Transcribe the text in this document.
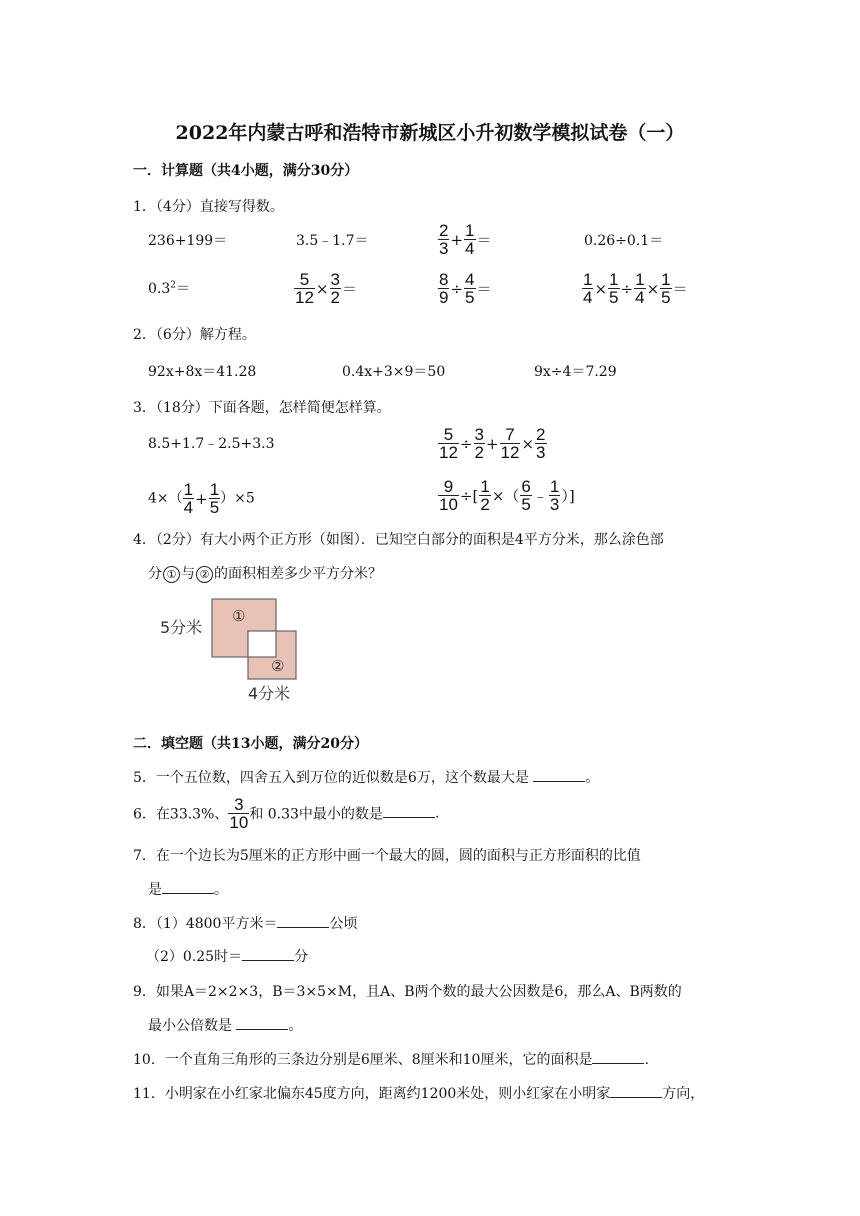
2022年内蒙古呼和浩特市新城区小升初数学模拟试卷（一）
一．计算题（共4小题，满分30分）
1．（4分）直接写得数。
236+199＝	3.5﹣1.7＝	$\frac{2}{3} + \frac{1}{4}$ ＝	0.26÷0.1＝
$0.3^2=$	$\frac{5}{12} \times \frac{3}{2}$ ＝	$\frac{8}{9} \div \frac{4}{5}$ ＝	$\frac{1}{4} \times \frac{1}{5} \div \frac{1}{4} \times \frac{1}{5}$ ＝
2．（6分）解方程。
92x+8x＝41.28	0.4x+3×9＝50	9x÷4＝7.29
3．（18分）下面各题，怎样简便怎样算。
8.5+1.7﹣2.5+3.3	$\frac{5}{12} \div \frac{3}{2} + \frac{7}{12} \times \frac{2}{3}$
$4\times( \frac{1}{4} + \frac{1}{5} )\times 5$	$\frac{9}{10}$ ÷[ $\frac{1}{2}$ ×（ $\frac{6}{5}$ ﹣ $\frac{1}{3}$ ）]
4．（2分）有大小两个正方形（如图）．已知空白部分的面积是4平方分米，那么涂色部
分 ① 与 ② 的面积相差多少平方分米？
5分米
4分米
①
②
二．填空题（共13小题，满分20分）
5．一个五位数，四舍五入到万位的近似数是6万，这个数最大是	。
6．在33.3%、 $\frac{3}{10}$ 和 0.33中最小的数是	.
7．在一个边长为5厘米的正方形中画一个最大的圆，圆的面积与正方形面积的比值
是	。
8．（1）4800平方米＝	公顷
（2）0.25时＝	分
9．如果A＝2×2×3，B＝3×5×M，且A、B两个数的最大公因数是6，那么A、B两数的
最小公倍数是	。
10．一个直角三角形的三条边分别是6厘米、8厘米和10厘米，它的面积是	.
11．小明家在小红家北偏东45度方向，距离约1200米处，则小红家在小明家	方向，
